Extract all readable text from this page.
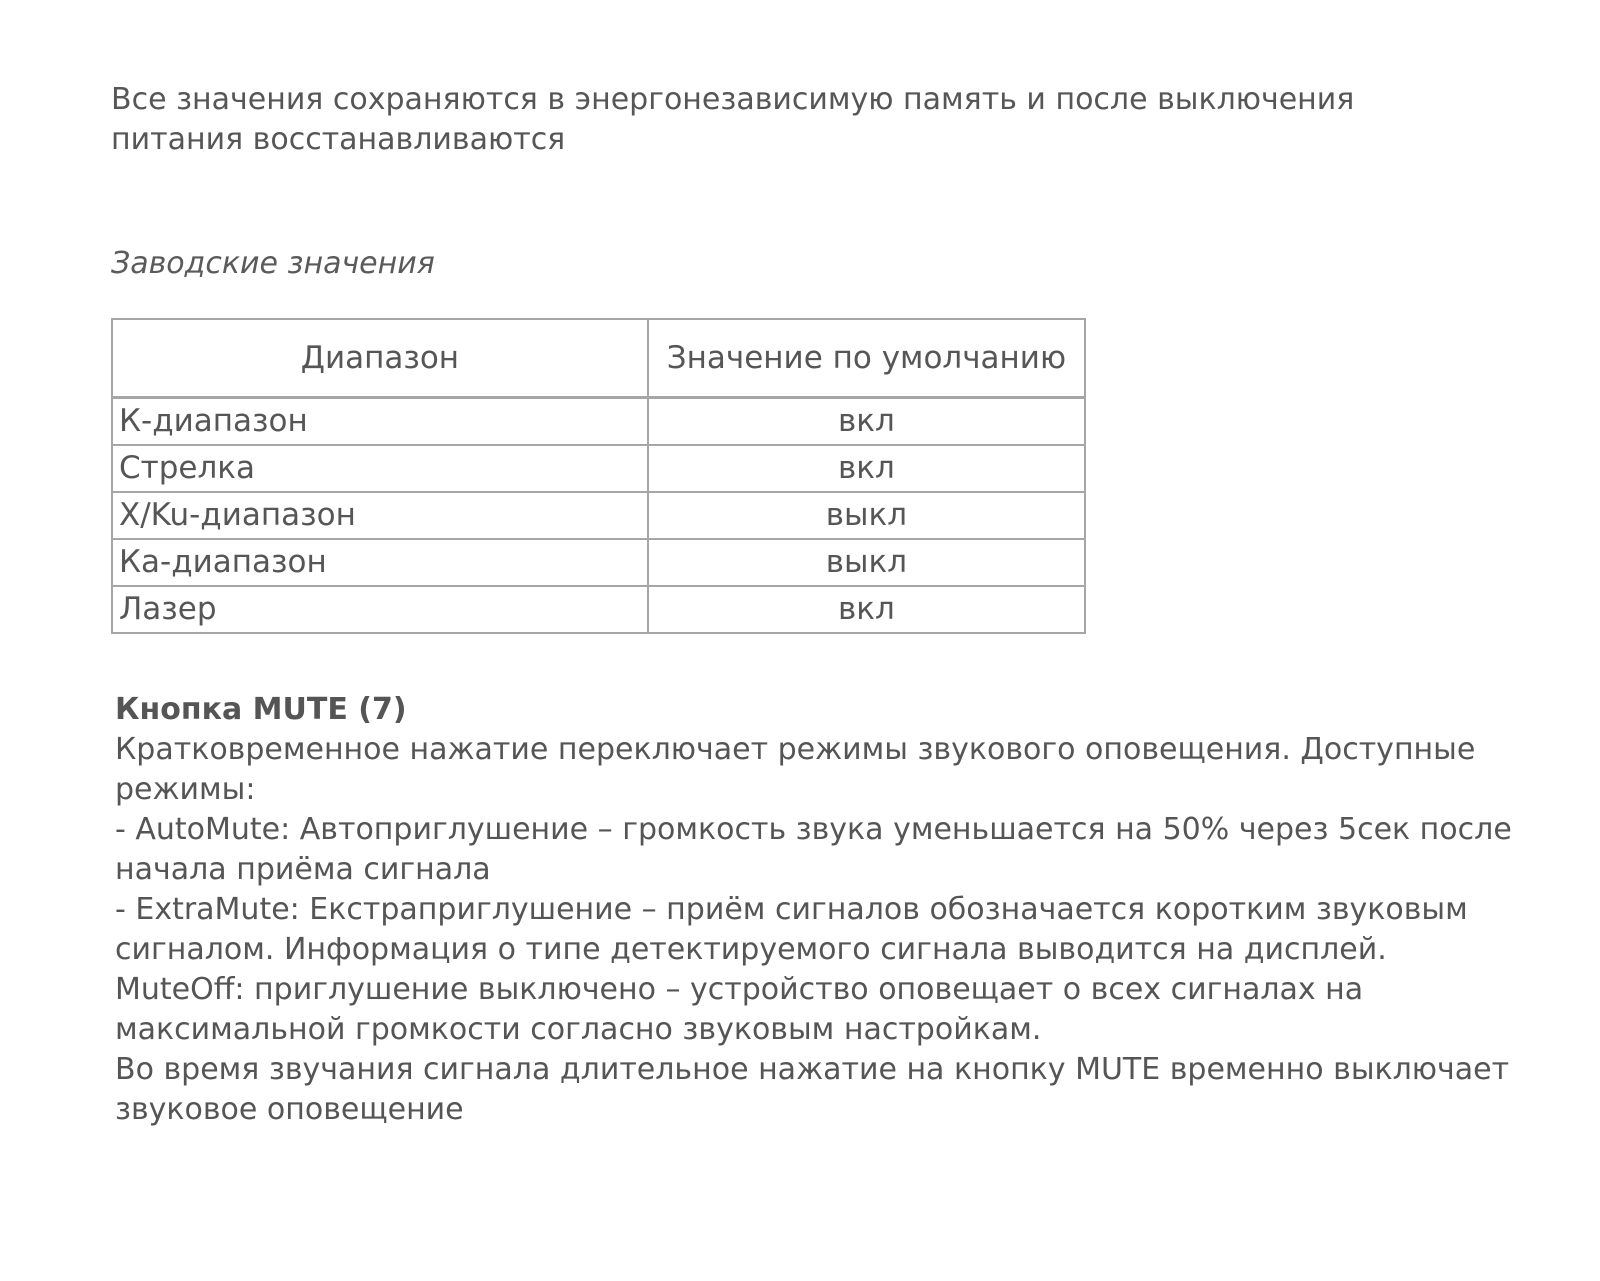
Все значения сохраняются в энергонезависимую память и после выключения питания восстанавливаются

Заводские значения

Диапазон	Значение по умолчанию
К-диапазон	вкл
Стрелка	вкл
X/Ku-диапазон	выкл
Ка-диапазон	выкл
Лазер	вкл

Кнопка MUTE (7)

Кратковременное нажатие переключает режимы звукового оповещения. Доступные режимы:

- AutoMute: Автоприглушение – громкость звука уменьшается на 50% через 5сек после начала приёма сигнала

- ExtraMute: Екстраприглушение – приём сигналов обозначается коротким звуковым сигналом. Информация о типе детектируемого сигнала выводится на дисплей.

MuteOff: приглушение выключено – устройство оповещает о всех сигналах на максимальной громкости согласно звуковым настройкам.

Во время звучания сигнала длительное нажатие на кнопку MUTE временно выключает звуковое оповещение
